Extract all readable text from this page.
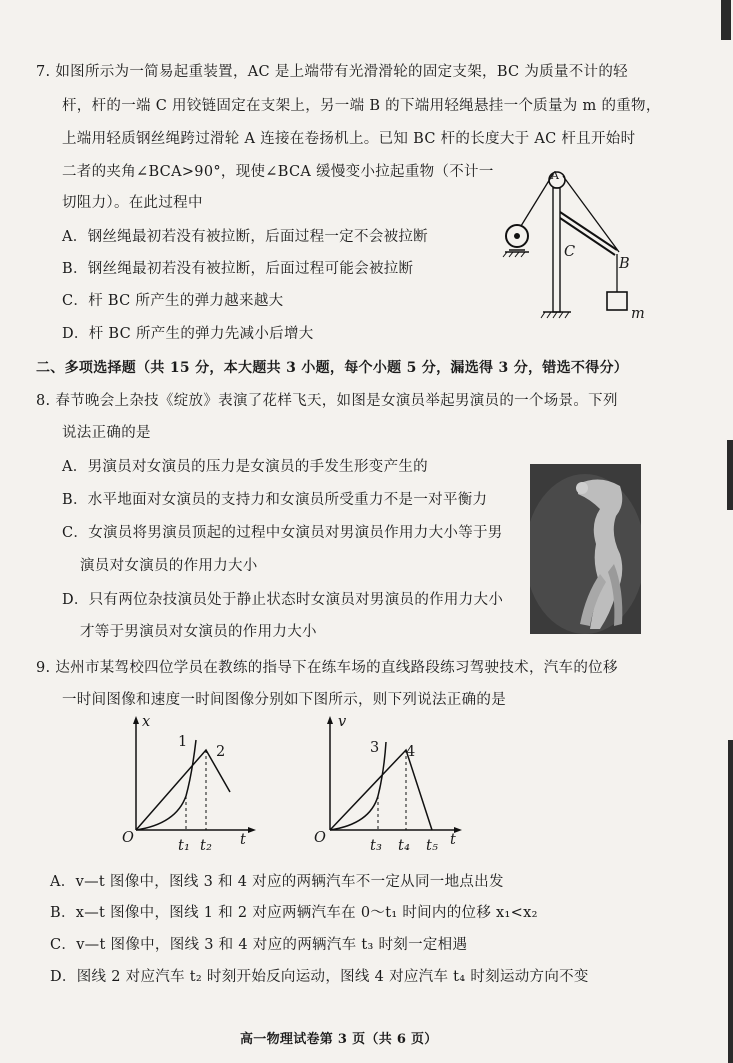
7. 如图所示为一简易起重装置，AC 是上端带有光滑滑轮的固定支架，BC 为质量不计的轻
杆，杆的一端 C 用铰链固定在支架上，另一端 B 的下端用轻绳悬挂一个质量为 m 的重物，
上端用轻质钢丝绳跨过滑轮 A 连接在卷扬机上。已知 BC 杆的长度大于 AC 杆且开始时
二者的夹角∠BCA>90°，现使∠BCA 缓慢变小拉起重物（不计一
切阻力）。在此过程中
A．钢丝绳最初若没有被拉断，后面过程一定不会被拉断
B．钢丝绳最初若没有被拉断，后面过程可能会被拉断
C．杆 BC 所产生的弹力越来越大
D．杆 BC 所产生的弹力先减小后增大
A
C
B
m
二、多项选择题（共 15 分，本大题共 3 小题，每个小题 5 分，漏选得 3 分，错选不得分）
8. 春节晚会上杂技《绽放》表演了花样飞天，如图是女演员举起男演员的一个场景。下列
说法正确的是
A．男演员对女演员的压力是女演员的手发生形变产生的
B．水平地面对女演员的支持力和女演员所受重力不是一对平衡力
C．女演员将男演员顶起的过程中女演员对男演员作用力大小等于男
演员对女演员的作用力大小
D．只有两位杂技演员处于静止状态时女演员对男演员的作用力大小
才等于男演员对女演员的作用力大小
9. 达州市某驾校四位学员在教练的指导下在练车场的直线路段练习驾驶技术，汽车的位移
一时间图像和速度一时间图像分别如下图所示，则下列说法正确的是
x
t
O
1
2
t₁ t₂
v
t
O
3 4
t₃ t₄ t₅
A．v—t 图像中，图线 3 和 4 对应的两辆汽车不一定从同一地点出发
B．x—t 图像中，图线 1 和 2 对应两辆汽车在 0～t₁ 时间内的位移 x₁<x₂
C．v—t 图像中，图线 3 和 4 对应的两辆汽车 t₃ 时刻一定相遇
D．图线 2 对应汽车 t₂ 时刻开始反向运动，图线 4 对应汽车 t₄ 时刻运动方向不变
高一物理试卷第 3 页（共 6 页）
